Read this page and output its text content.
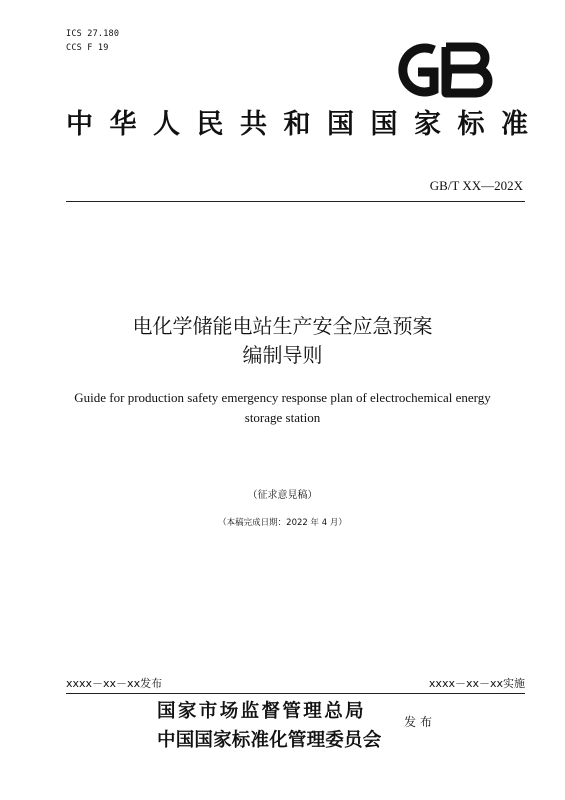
ICS 27.180
CCS F 19
中 华 人 民 共 和 国 国 家 标 准
GB/T XX—202X
电化学储能电站生产安全应急预案
编制导则
Guide for production safety emergency response plan of electrochemical energy
storage station
（征求意見稿）
（本稿完成日期：2022 年 4 月）
xxxx－xx－xx发布	xxxx－xx－xx实施
国家市场监督管理总局
中国国家标准化管理委员会
发布
